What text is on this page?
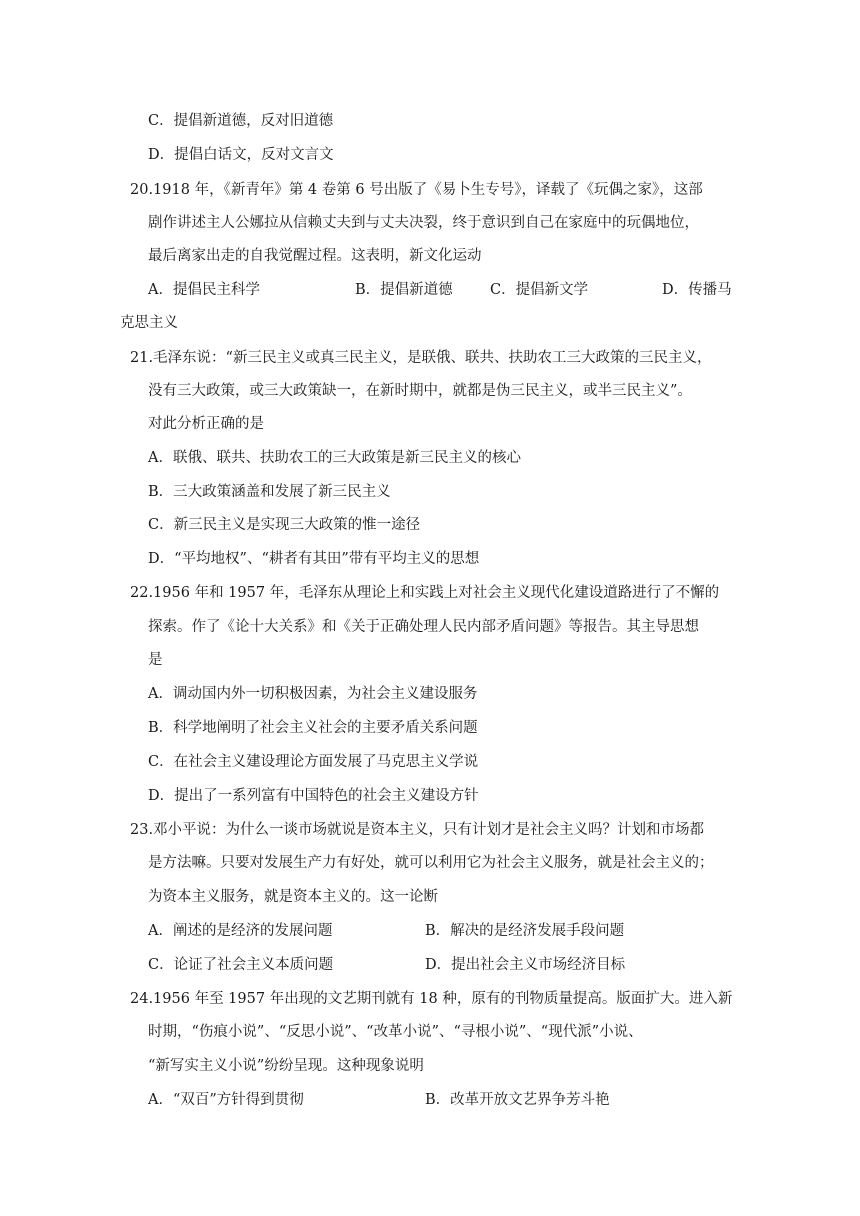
C．提倡新道德，反对旧道德
D．提倡白话文，反对文言文
20.1918 年，《新青年》第 4 卷第 6 号出版了《易卜生专号》，译载了《玩偶之家》，这部
剧作讲述主人公娜拉从信赖丈夫到与丈夫决裂，终于意识到自己在家庭中的玩偶地位，
最后离家出走的自我觉醒过程。这表明，新文化运动
A．提倡民主科学	B．提倡新道德	C．提倡新文学	D．传播马
克思主义
21.毛泽东说：“新三民主义或真三民主义，是联俄、联共、扶助农工三大政策的三民主义，
没有三大政策，或三大政策缺一，在新时期中，就都是伪三民主义，或半三民主义”。
对此分析正确的是
A．联俄、联共、扶助农工的三大政策是新三民主义的核心
B．三大政策涵盖和发展了新三民主义
C．新三民主义是实现三大政策的惟一途径
D．“平均地权”、“耕者有其田”带有平均主义的思想
22.1956 年和 1957 年，毛泽东从理论上和实践上对社会主义现代化建设道路进行了不懈的
探索。作了《论十大关系》和《关于正确处理人民内部矛盾问题》等报告。其主导思想
是
A．调动国内外一切积极因素，为社会主义建设服务
B．科学地阐明了社会主义社会的主要矛盾关系问题
C．在社会主义建设理论方面发展了马克思主义学说
D．提出了一系列富有中国特色的社会主义建设方针
23.邓小平说：为什么一谈市场就说是资本主义，只有计划才是社会主义吗？计划和市场都
是方法嘛。只要对发展生产力有好处，就可以利用它为社会主义服务，就是社会主义的；
为资本主义服务，就是资本主义的。这一论断
A．阐述的是经济的发展问题	B．解决的是经济发展手段问题
C．论证了社会主义本质问题	D．提出社会主义市场经济目标
24.1956 年至 1957 年出现的文艺期刊就有 18 种，原有的刊物质量提高。版面扩大。进入新
时期，“伤痕小说”、“反思小说”、“改革小说”、“寻根小说”、“现代派”小说、
“新写实主义小说”纷纷呈现。这种现象说明
A．“双百”方针得到贯彻	B．改革开放文艺界争芳斗艳
